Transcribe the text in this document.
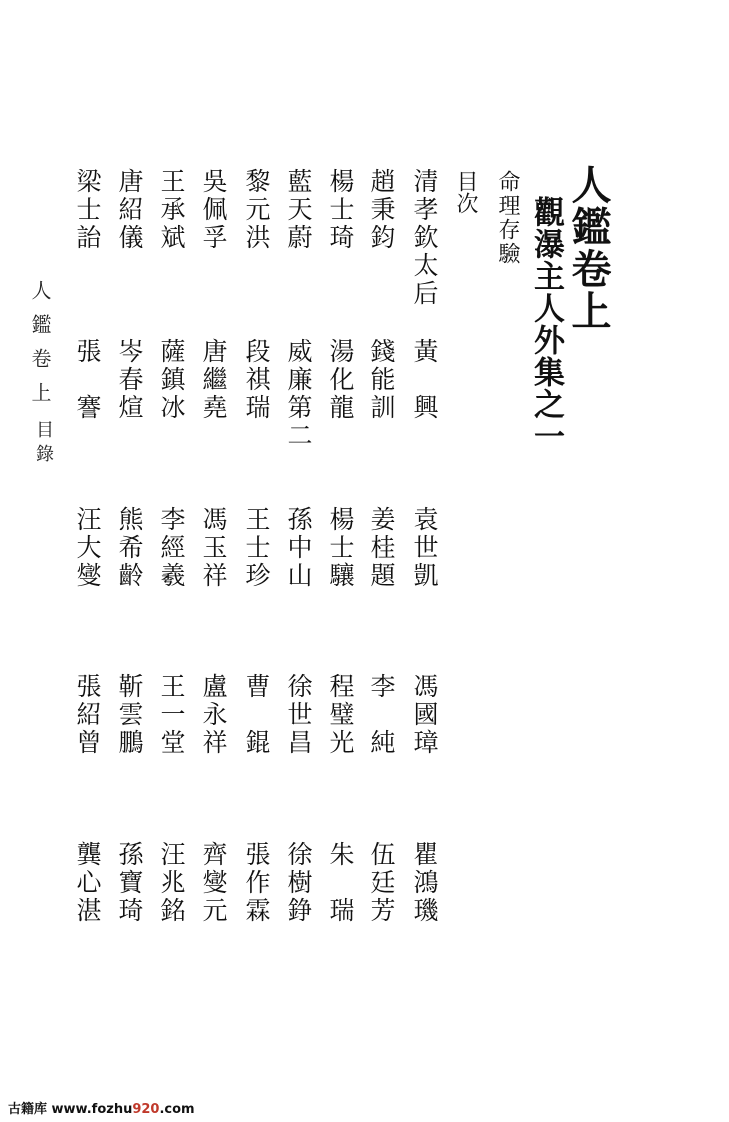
人鑑卷上
觀瀑主人外集之一
命理存驗
目次
清孝欽太后
黃　興
袁世凱
馮國璋
瞿鴻璣
趙秉鈞
錢能訓
姜桂題
李　純
伍廷芳
楊士琦
湯化龍
楊士驤
程璧光
朱　瑞
藍天蔚
威廉第二
孫中山
徐世昌
徐樹錚
黎元洪
段祺瑞
王士珍
曹　錕
張作霖
吳佩孚
唐繼堯
馮玉祥
盧永祥
齊燮元
王承斌
薩鎮冰
李經羲
王一堂
汪兆銘
唐紹儀
岑春煊
熊希齡
靳雲鵬
孫寶琦
梁士詒
張　謇
汪大燮
張紹曾
龔心湛
人鑑卷上
目錄
古籍库 www.fozhu920.com
